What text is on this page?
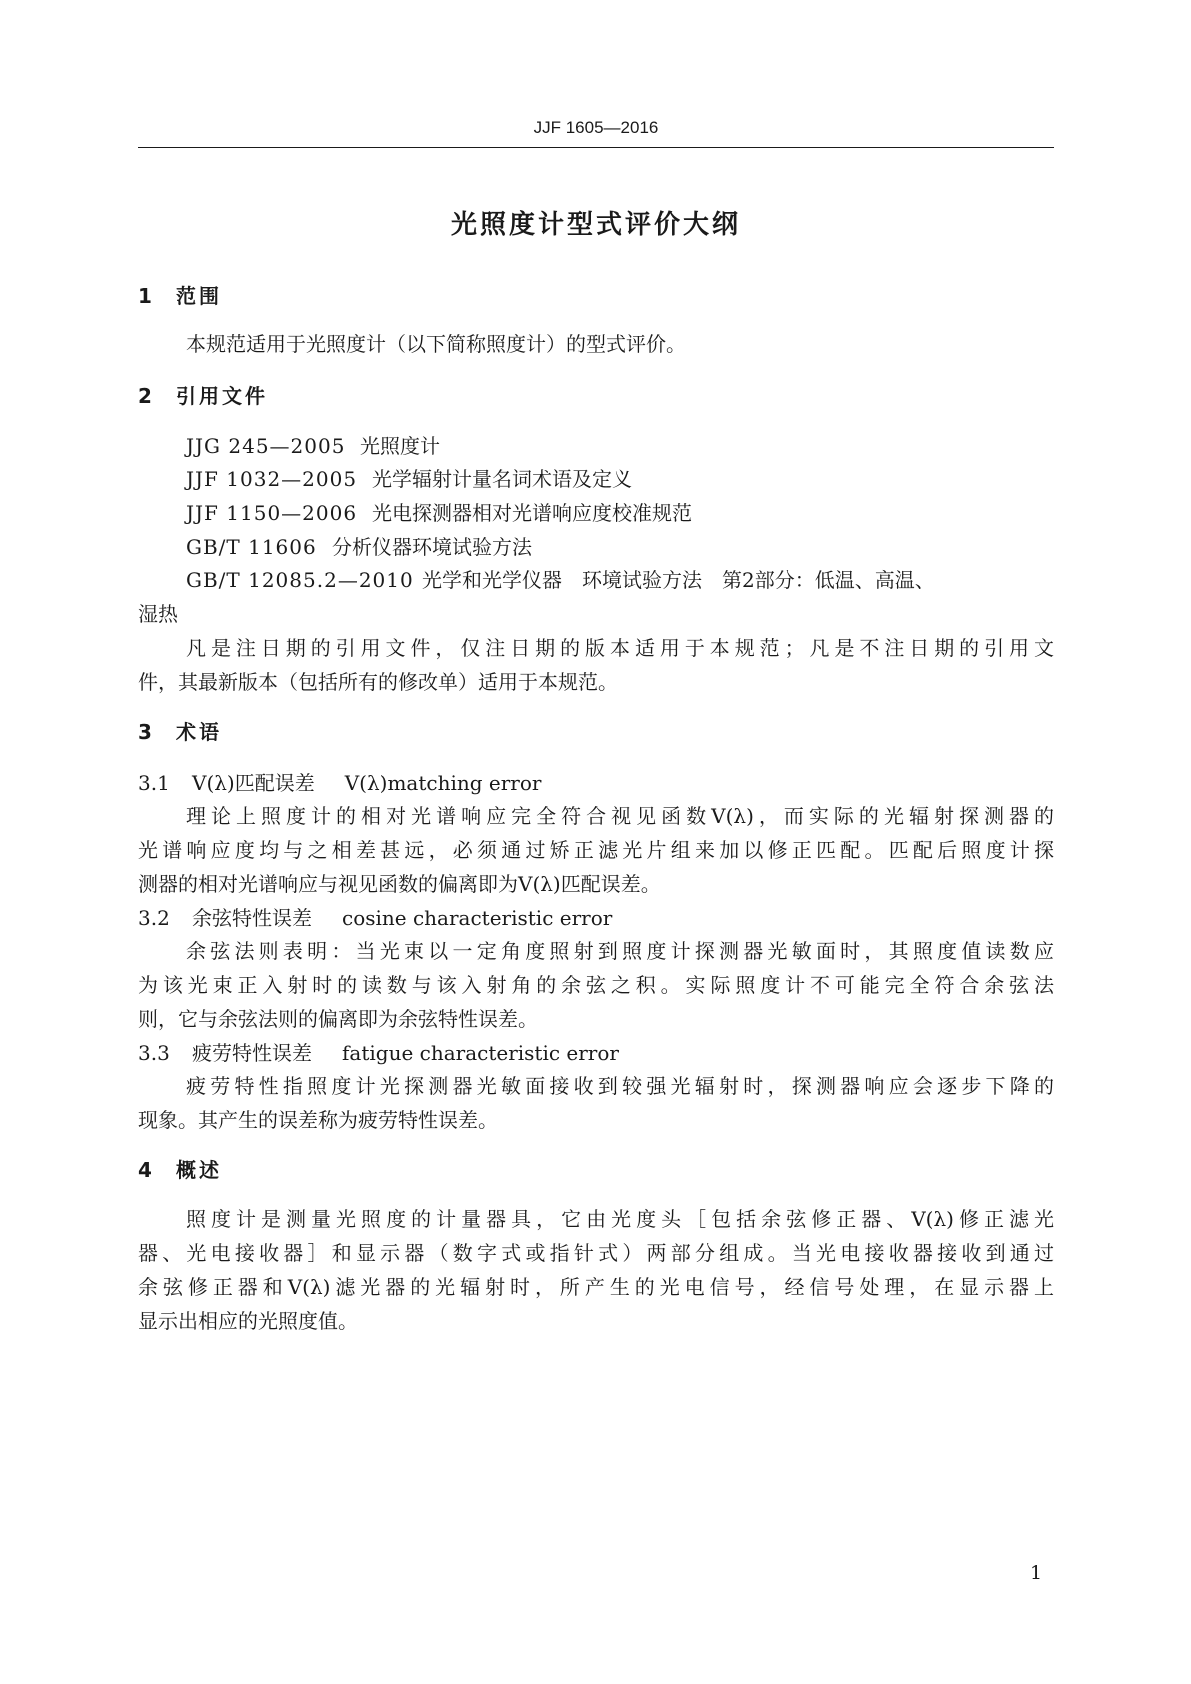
JJF 1605—2016
光照度计型式评价大纲
1 范围
本规范适用于光照度计（以下简称照度计）的型式评价。
2 引用文件
JJG 245—2005 光照度计
JJF 1032—2005 光学辐射计量名词术语及定义
JJF 1150—2006 光电探测器相对光谱响应度校准规范
GB/T 11606 分析仪器环境试验方法
GB/T 12085.2—2010 光学和光学仪器　环境试验方法　第2部分：低温、高温、
湿热
凡是注日期的引用文件，仅注日期的版本适用于本规范；凡是不注日期的引用文
件，其最新版本（包括所有的修改单）适用于本规范。
3 术语
3.1 V(λ)匹配误差 V(λ)matching error
理论上照度计的相对光谱响应完全符合视见函数V(λ)，而实际的光辐射探测器的
光谱响应度均与之相差甚远，必须通过矫正滤光片组来加以修正匹配。匹配后照度计探
测器的相对光谱响应与视见函数的偏离即为V(λ)匹配误差。
3.2 余弦特性误差 cosine characteristic error
余弦法则表明：当光束以一定角度照射到照度计探测器光敏面时，其照度值读数应
为该光束正入射时的读数与该入射角的余弦之积。实际照度计不可能完全符合余弦法
则，它与余弦法则的偏离即为余弦特性误差。
3.3 疲劳特性误差 fatigue characteristic error
疲劳特性指照度计光探测器光敏面接收到较强光辐射时，探测器响应会逐步下降的
现象。其产生的误差称为疲劳特性误差。
4 概述
照度计是测量光照度的计量器具，它由光度头［包括余弦修正器、V(λ)修正滤光
器、光电接收器］和显示器（数字式或指针式）两部分组成。当光电接收器接收到通过
余弦修正器和V(λ)滤光器的光辐射时，所产生的光电信号，经信号处理，在显示器上
显示出相应的光照度值。
1
